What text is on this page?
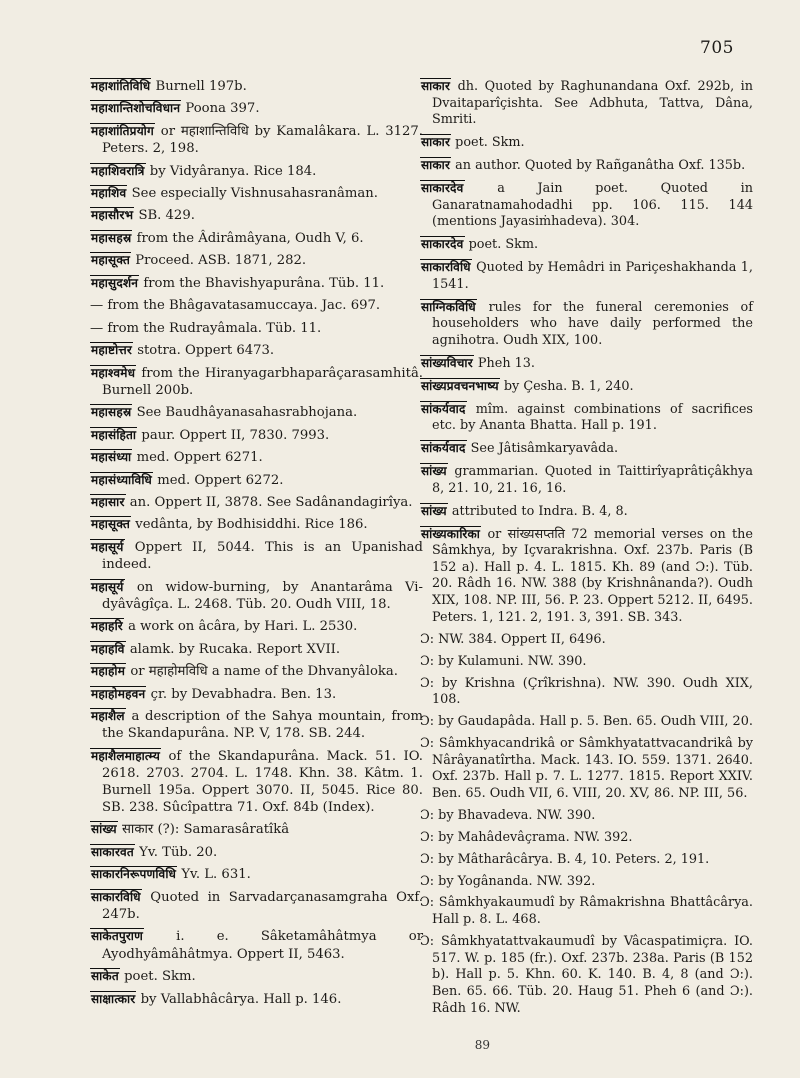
705

महाशांतिविधि Burnell 197b.

महाशान्तिशोचविधान Poona 397.

महाशांतिप्रयोग or महाशान्तिविधि by Kamalâkara. L. 3127. Peters. 2, 198.

महाशिवरात्रि by Vidyâranya. Rice 184.

महाशिव See especially Vishnusahasranâman.

महासौरभ SB. 429.

महासहस्र from the Âdirâmâyana, Oudh V, 6.

महासूक्त Proceed. ASB. 1871, 282.

महासुदर्शन from the Bhavishyapurâna. Tüb. 11.

— from the Bhâgavatasamuccaya. Jac. 697.

— from the Rudrayâmala. Tüb. 11.

महाष्टोत्तर stotra. Oppert 6473.

महाश्वमेध from the Hiranyagarbhaparâçarasamhitâ. Burnell 200b.

महासहस्र See Baudhâyanasahasrabhojana.

महासंहिता paur. Oppert II, 7830. 7993.

महासंध्या med. Oppert 6271.

महासंध्याविधि med. Oppert 6272.

महासार an. Oppert II, 3878. See Sadânandagirîya.

महासूक्त vedânta, by Bodhisiddhi. Rice 186.

महासूर्य Oppert II, 5044. This is an Upanishad indeed.

महासूर्य on widow-burning, by Anantarâma Vidyâvâgîça. L. 2468. Tüb. 20. Oudh VIII, 18.

महाहरि a work on âcâra, by Hari. L. 2530.

महाहवि alamk. by Rucaka. Report XVII.

महाहोम or महाहोमविधि a name of the Dhvanyâloka.

महाहोमहवन çr. by Devabhadra. Ben. 13.

महाशैल a description of the Sahya mountain, from the Skandapurâna. NP. V, 178. SB. 244.

महाशैलमाहात्म्य of the Skandapurâna. Mack. 51. IO. 2618. 2703. 2704. L. 1748. Khn. 38. Kâtm. 1. Burnell 195a. Oppert 3070. II, 5045. Rice 80. SB. 238. Sûcîpattra 71. Oxf. 84b (Index).

सांख्य साकार (?): Samarasâratîkâ

साकारवत Yv. Tüb. 20.

साकारनिरूपणविधि Yv. L. 631.

साकारविधि Quoted in Sarvadarçanasamgraha Oxf. 247b.

साकेतपुराण	i. e. Sâketamâhâtmya or Ayodhyâmâhâtmya. Oppert II, 5463.

साकेत poet. Skm.

साक्षात्कार by Vallabhâcârya. Hall p. 146.

साकार dh. Quoted by Raghunandana Oxf. 292b, in Dvaitaparîçishta. See Adbhuta, Tattva, Dâna, Smriti.

साकार poet. Skm.

साकार an author. Quoted by Rañganâtha Oxf. 135b.

साकारदेव	a Jain poet. Quoted in Ganaratnamahodadhi pp. 106. 115. 144 (mentions Jayasiṁhadeva). 304.

साकारदेव poet. Skm.

साकारविधि Quoted by Hemâdri in Pariçeshakhanda 1, 1541.

साग्निकविधि rules for the funeral ceremonies of householders who have daily performed the agnihotra. Oudh XIX, 100.

सांख्यविचार Pheh 13.

सांख्यप्रवचनभाष्य by Çesha. B. 1, 240.

सांकर्यवाद mîm. against combinations of sacrifices etc. by Ananta Bhatta. Hall p. 191.

सांकर्यवाद See Jâtisâmkaryavâda.

सांख्य grammarian. Quoted in Taittirîyaprâtiçâkhya 8, 21. 10, 21. 16, 16.

सांख्य attributed to Indra. B. 4, 8.

सांख्यकारिका or सांख्यसप्तति 72 memorial verses on the Sâmkhya, by Içvarakrishna. Oxf. 237b. Paris (B 152 a). Hall p. 4. L. 1815. Kh. 89 (and Ɔ:). Tüb. 20. Râdh 16. NW. 388 (by Krishnânanda?). Oudh XIX, 108. NP. III, 56. P. 23. Oppert 5212. II, 6495. Peters. 1, 121. 2, 191. 3, 391. SB. 343.

Ɔ: NW. 384. Oppert II, 6496.

Ɔ: by Kulamuni. NW. 390.

Ɔ: by Krishna (Çrîkrishna). NW. 390. Oudh XIX, 108.

Ɔ: by Gaudapâda. Hall p. 5. Ben. 65. Oudh VIII, 20.

Ɔ: Sâmkhyacandrikâ or Sâmkhyatattvacandrikâ by Nârâyanatîrtha. Mack. 143. IO. 559. 1371. 2640. Oxf. 237b. Hall p. 7. L. 1277. 1815. Report XXIV. Ben. 65. Oudh VII, 6. VIII, 20. XV, 86. NP. III, 56.

Ɔ: by Bhavadeva. NW. 390.

Ɔ: by Mahâdevâçrama. NW. 392.

Ɔ: by Mâtharâcârya. B. 4, 10. Peters. 2, 191.

Ɔ: by Yogânanda. NW. 392.

Ɔ: Sâmkhyakaumudî by Râmakrishna Bhattâcârya. Hall p. 8. L. 468.

Ɔ: Sâmkhyatattvakaumudî by Vâcaspatimiçra. IO. 517. W. p. 185 (fr.). Oxf. 237b. 238a. Paris (B 152 b). Hall p. 5. Khn. 60. K. 140. B. 4, 8 (and Ɔ:). Ben. 65. 66. Tüb. 20. Haug 51. Pheh 6 (and Ɔ:). Râdh 16. NW.

89
